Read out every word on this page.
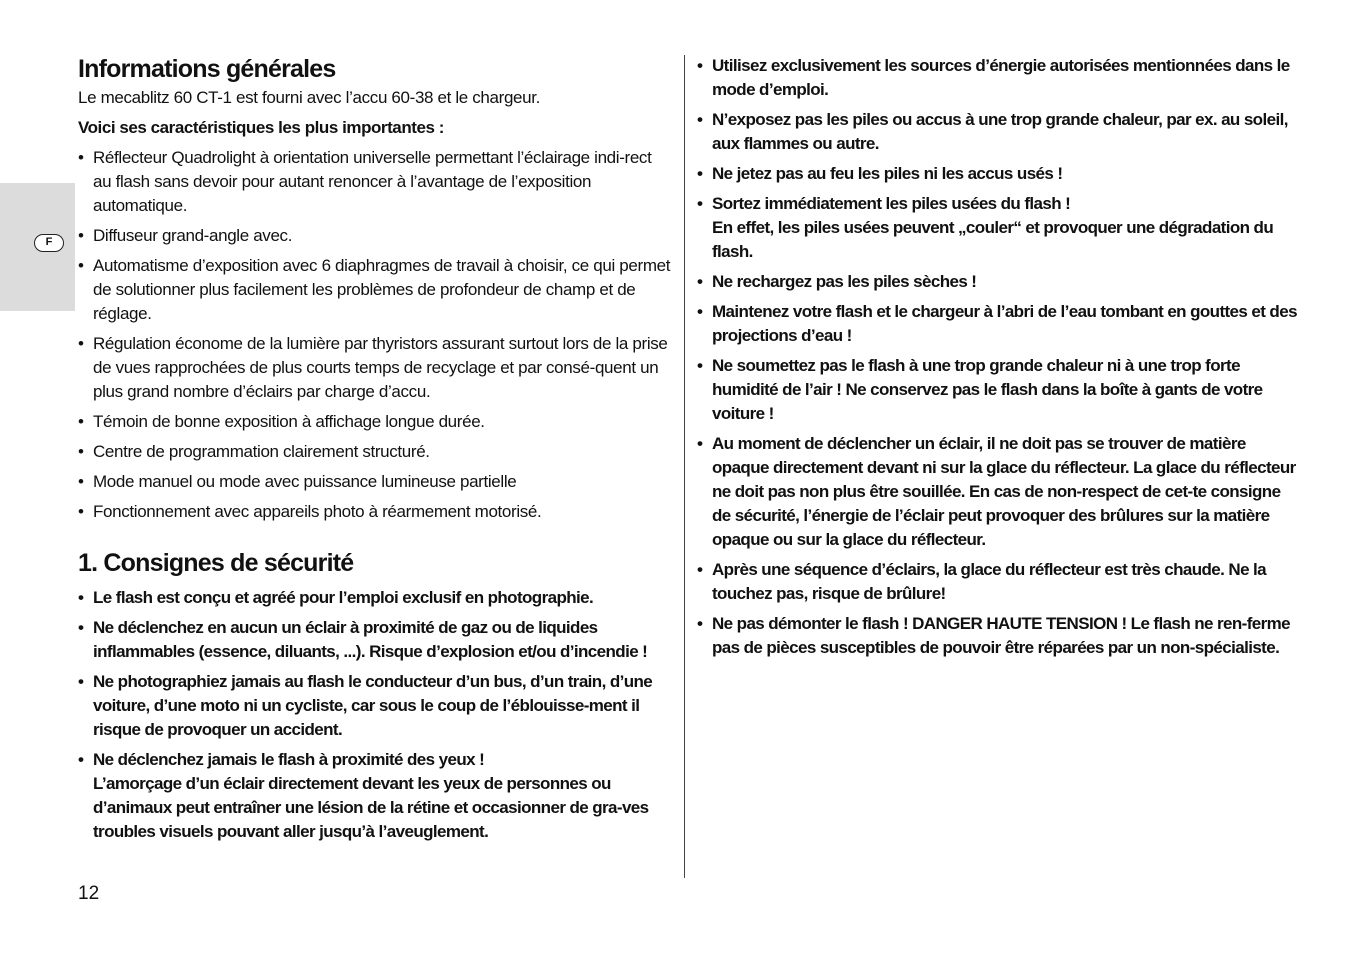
F
Informations générales

Le mecablitz 60 CT-1 est fourni avec l’accu 60-38 et le chargeur.

Voici ses caractéristiques les plus importantes :

• Réflecteur Quadrolight à orientation universelle permettant l’éclairage indi-rect au flash sans devoir pour autant renoncer à l’avantage de l’exposition automatique.
• Diffuseur grand-angle avec.
• Automatisme d’exposition avec 6 diaphragmes de travail à choisir, ce qui permet de solutionner plus facilement les problèmes de profondeur de champ et de réglage.
• Régulation économe de la lumière par thyristors assurant surtout lors de la prise de vues rapprochées de plus courts temps de recyclage et par consé-quent un plus grand nombre d’éclairs par charge d’accu.
• Témoin de bonne exposition à affichage longue durée.
• Centre de programmation clairement structuré.
• Mode manuel ou mode avec puissance lumineuse partielle
• Fonctionnement avec appareils photo à réarmement motorisé.
1. Consignes de sécurité
• Le flash est conçu et agréé pour l’emploi exclusif en photographie.
• Ne déclenchez en aucun un éclair à proximité de gaz ou de liquides inflammables (essence, diluants, ...). Risque d’explosion et/ou d’incendie !
• Ne photographiez jamais au flash le conducteur d’un bus, d’un train, d’une voiture, d’une moto ni un cycliste, car sous le coup de l’éblouisse-ment il risque de provoquer un accident.
• Ne déclenchez jamais le flash à proximité des yeux !
L’amorçage d’un éclair directement devant les yeux de personnes ou d’animaux peut entraîner une lésion de la rétine et occasionner de gra-ves troubles visuels pouvant aller jusqu’à l’aveuglement.
• Utilisez exclusivement les sources d’énergie autorisées mentionnées dans le mode d’emploi.
• N’exposez pas les piles ou accus à une trop grande chaleur, par ex. au soleil, aux flammes ou autre.
• Ne jetez pas au feu les piles ni les accus usés !
• Sortez immédiatement les piles usées du flash !
En effet, les piles usées peuvent „couler“ et provoquer une dégradation du flash.
• Ne rechargez pas les piles sèches !
• Maintenez votre flash et le chargeur à l’abri de l’eau tombant en gouttes et des projections d’eau !
• Ne soumettez pas le flash à une trop grande chaleur ni à une trop forte humidité de l’air ! Ne conservez pas le flash dans la boîte à gants de votre voiture !
• Au moment de déclencher un éclair, il ne doit pas se trouver de matière opaque directement devant ni sur la glace du réflecteur. La glace du réflecteur ne doit pas non plus être souillée. En cas de non-respect de cet-te consigne de sécurité, l’énergie de l’éclair peut provoquer des brûlures sur la matière opaque ou sur la glace du réflecteur.
• Après une séquence d’éclairs, la glace du réflecteur est très chaude. Ne la touchez pas, risque de brûlure!
• Ne pas démonter le flash ! DANGER HAUTE TENSION ! Le flash ne ren-ferme pas de pièces susceptibles de pouvoir être réparées par un non-spécialiste.
12
